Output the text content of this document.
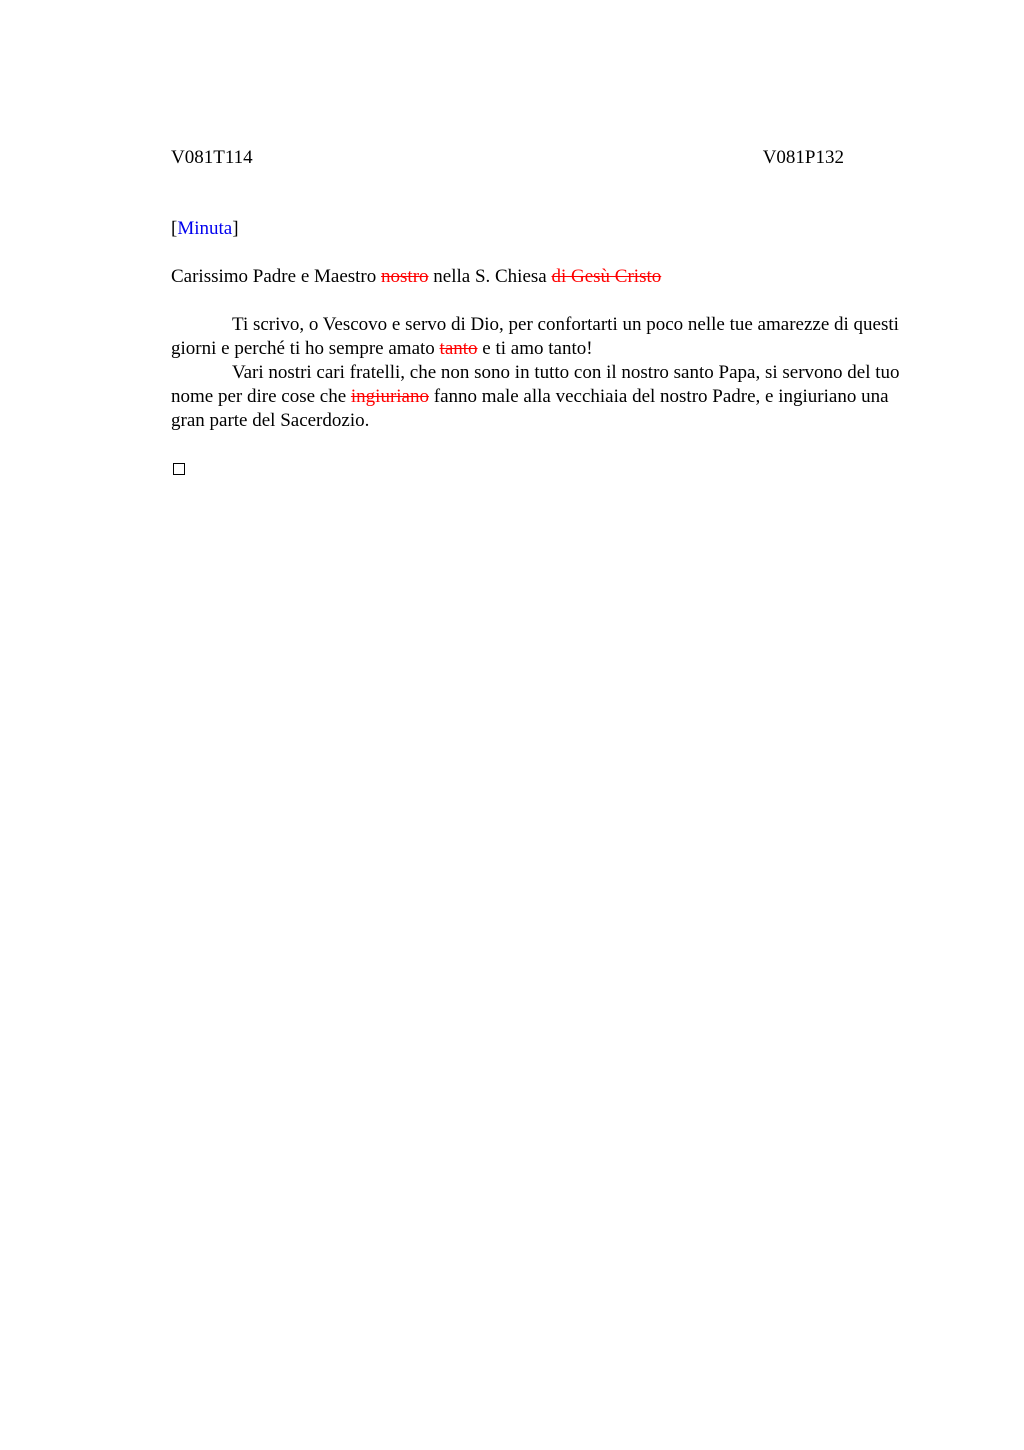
V081T114	V081P132

[Minuta]

Carissimo Padre e Maestro nostro nella S. Chiesa di Gesù Cristo

Ti scrivo, o Vescovo e servo di Dio, per confortarti un poco nelle tue amarezze di questi giorni e perché ti ho sempre amato tanto e ti amo tanto!

Vari nostri cari fratelli, che non sono in tutto con il nostro santo Papa, si servono del tuo nome per dire cose che ingiuriano fanno male alla vecchiaia del nostro Padre, e ingiuriano una gran parte del Sacerdozio.
